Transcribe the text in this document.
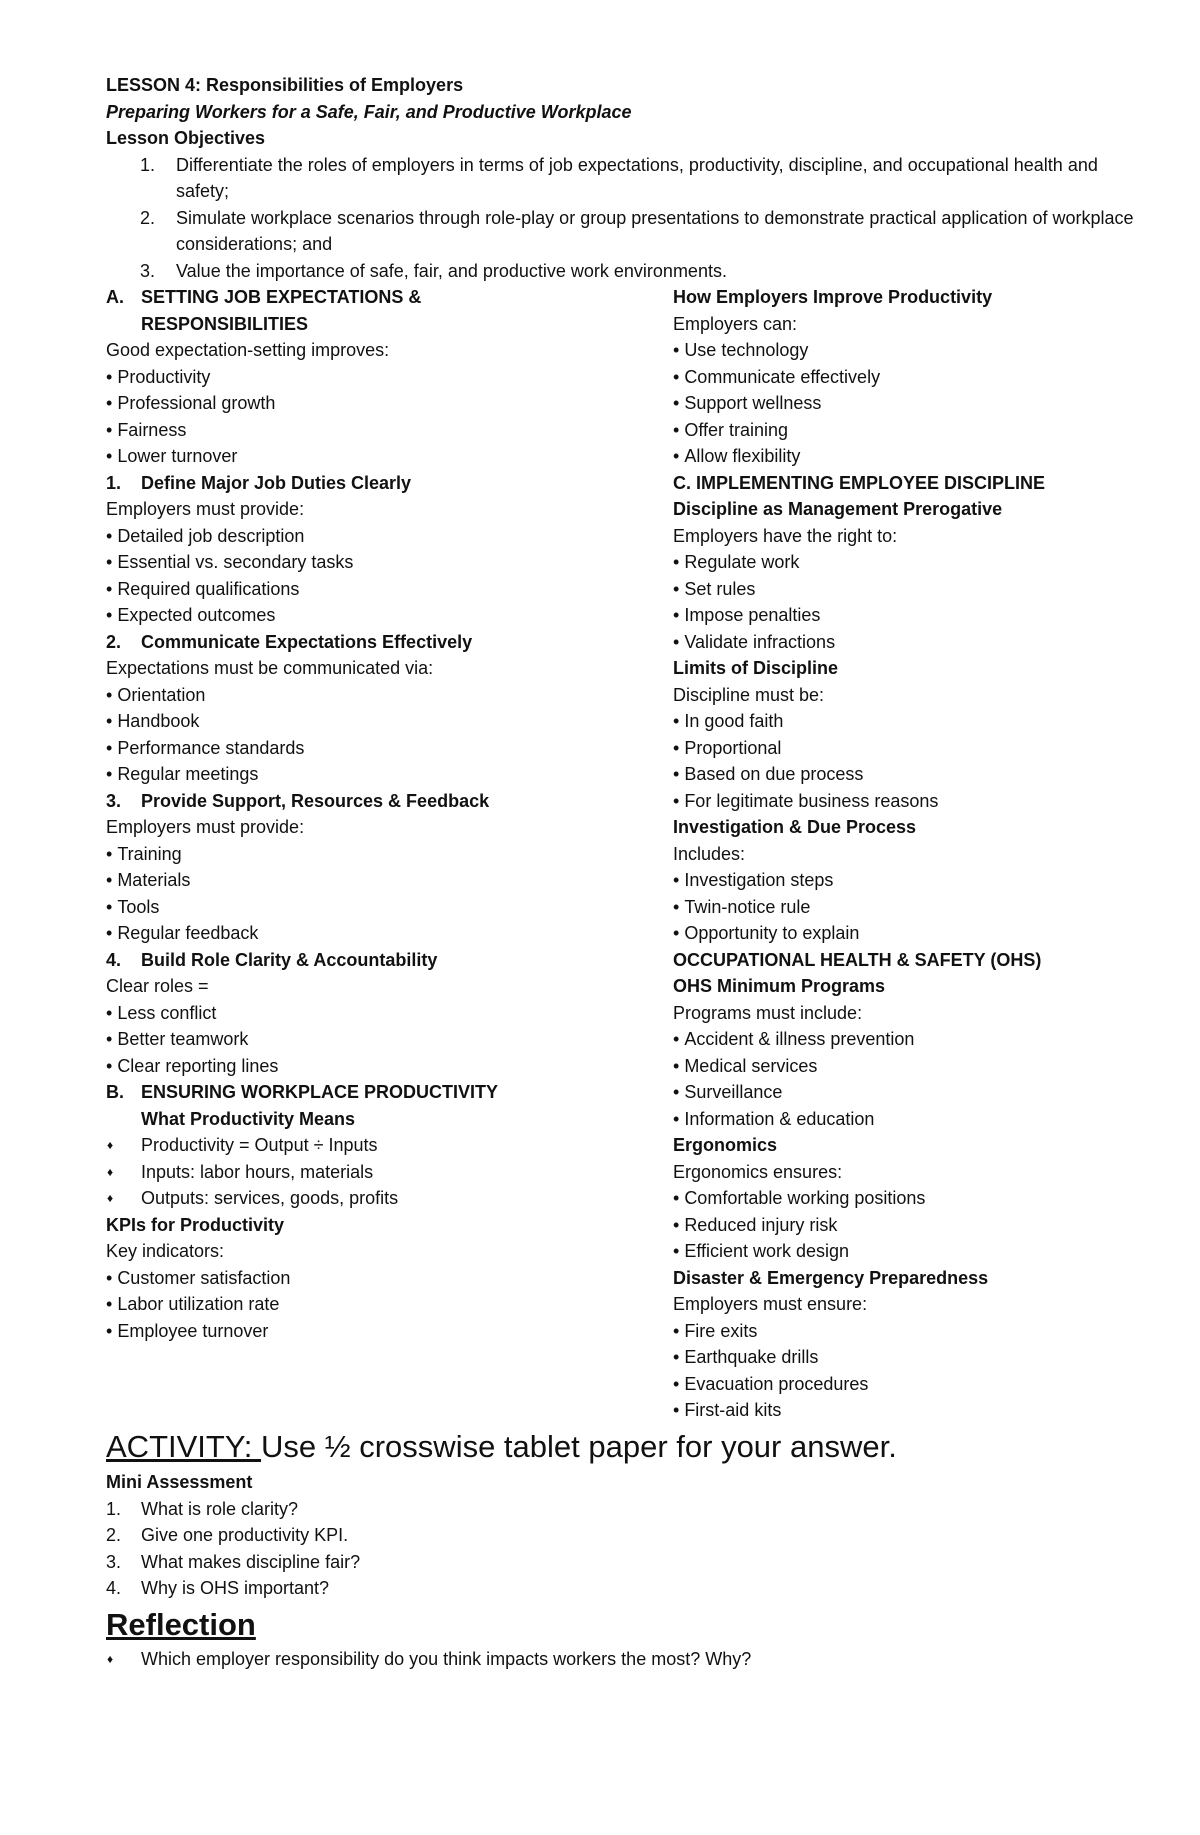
LESSON 4: Responsibilities of Employers
Preparing Workers for a Safe, Fair, and Productive Workplace
Lesson Objectives
1. Differentiate the roles of employers in terms of job expectations, productivity, discipline, and occupational health and safety;
2. Simulate workplace scenarios through role-play or group presentations to demonstrate practical application of workplace considerations; and
3. Value the importance of safe, fair, and productive work environments.
A. SETTING JOB EXPECTATIONS &
RESPONSIBILITIES
Good expectation-setting improves:
• Productivity
• Professional growth
• Fairness
• Lower turnover
1. Define Major Job Duties Clearly
Employers must provide:
• Detailed job description
• Essential vs. secondary tasks
• Required qualifications
• Expected outcomes
2. Communicate Expectations Effectively
Expectations must be communicated via:
• Orientation
• Handbook
• Performance standards
• Regular meetings
3. Provide Support, Resources & Feedback
Employers must provide:
• Training
• Materials
• Tools
• Regular feedback
4. Build Role Clarity & Accountability
Clear roles =
• Less conflict
• Better teamwork
• Clear reporting lines
B. ENSURING WORKPLACE PRODUCTIVITY
What Productivity Means
♦ Productivity = Output ÷ Inputs
♦ Inputs: labor hours, materials
♦ Outputs: services, goods, profits
KPIs for Productivity
Key indicators:
• Customer satisfaction
• Labor utilization rate
• Employee turnover
How Employers Improve Productivity
Employers can:
• Use technology
• Communicate effectively
• Support wellness
• Offer training
• Allow flexibility
C. IMPLEMENTING EMPLOYEE DISCIPLINE
Discipline as Management Prerogative
Employers have the right to:
• Regulate work
• Set rules
• Impose penalties
• Validate infractions
Limits of Discipline
Discipline must be:
• In good faith
• Proportional
• Based on due process
• For legitimate business reasons
Investigation & Due Process
Includes:
• Investigation steps
• Twin-notice rule
• Opportunity to explain
OCCUPATIONAL HEALTH & SAFETY (OHS)
OHS Minimum Programs
Programs must include:
• Accident & illness prevention
• Medical services
• Surveillance
• Information & education
Ergonomics
Ergonomics ensures:
• Comfortable working positions
• Reduced injury risk
• Efficient work design
Disaster & Emergency Preparedness
Employers must ensure:
• Fire exits
• Earthquake drills
• Evacuation procedures
• First-aid kits
ACTIVITY: Use ½ crosswise tablet paper for your answer.
Mini Assessment
1. What is role clarity?
2. Give one productivity KPI.
3. What makes discipline fair?
4. Why is OHS important?
Reflection
♦ Which employer responsibility do you think impacts workers the most? Why?
